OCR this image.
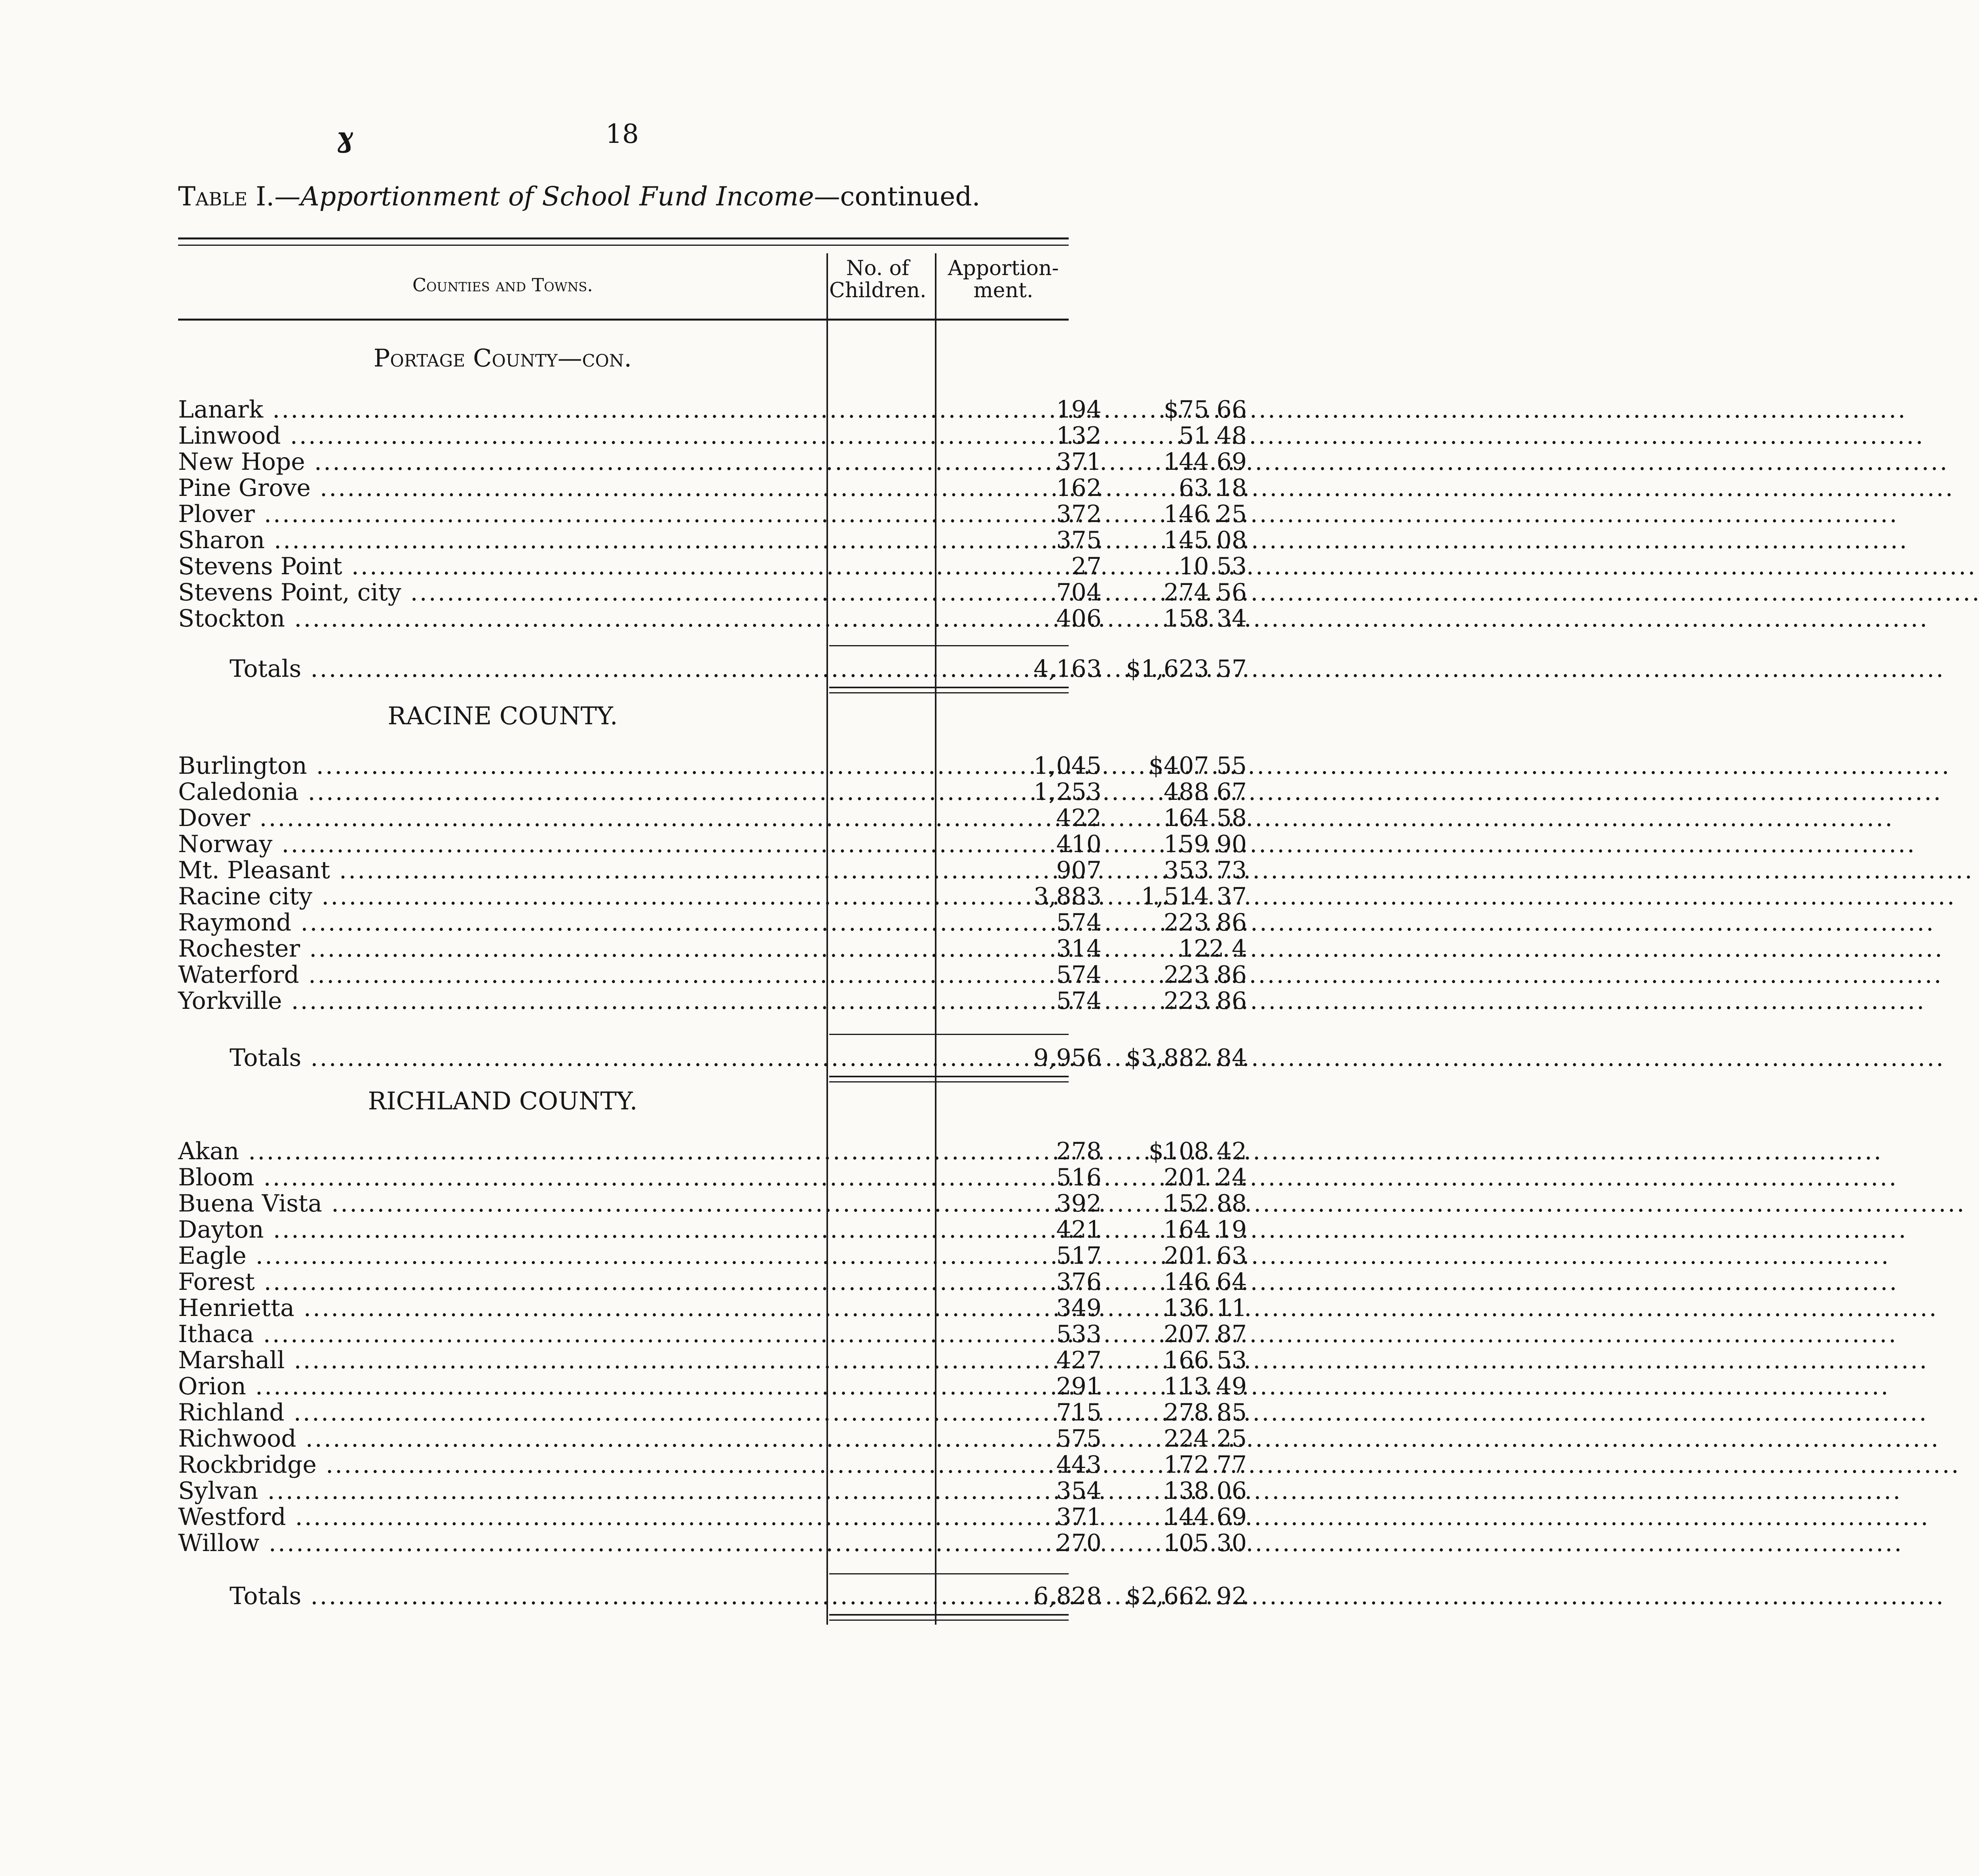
ɣ	18
Table I.—Apportionment of School Fund Income—continued.
Counties and Towns.
No. of
Children.
Apportion-
ment.
Portage County—con.
Lanark .....	194	$75 66
Linwood .....	132	51 48
New Hope .....	371	144 69
Pine Grove .....	162	63 18
Plover .....	372	146 25
Sharon .....	375	145 08
Stevens Point .....	27	10 53
Stevens Point, city .....	704	274 56
Stockton .....	406	158 34
Totals .....	4,163	$1,623 57
RACINE COUNTY.
Burlington .....	1,045	$407 55
Caledonia .....	1,253	488 67
Dover .....	422	164 58
Norway .....	410	159 90
Mt. Pleasant .....	907	353 73
Racine city .....	3,883	1,514 37
Raymond .....	574	223 86
Rochester .....	314	122 4
Waterford .....	574	223 86
Yorkville .....	574	223 86
Totals .....	9,956	$3,882 84
RICHLAND COUNTY.
Akan .....	278	$108 42
Bloom .....	516	201 24
Buena Vista .....	392	152 88
Dayton .....	421	164 19
Eagle .....	517	201 63
Forest .....	376	146 64
Henrietta .....	349	136 11
Ithaca .....	533	207 87
Marshall .....	427	166 53
Orion .....	291	113 49
Richland .....	715	278 85
Richwood .....	575	224 25
Rockbridge .....	443	172 77
Sylvan .....	354	138 06
Westford .....	371	144 69
Willow .....	270	105 30
Totals .....	6,828	$2,662 92
